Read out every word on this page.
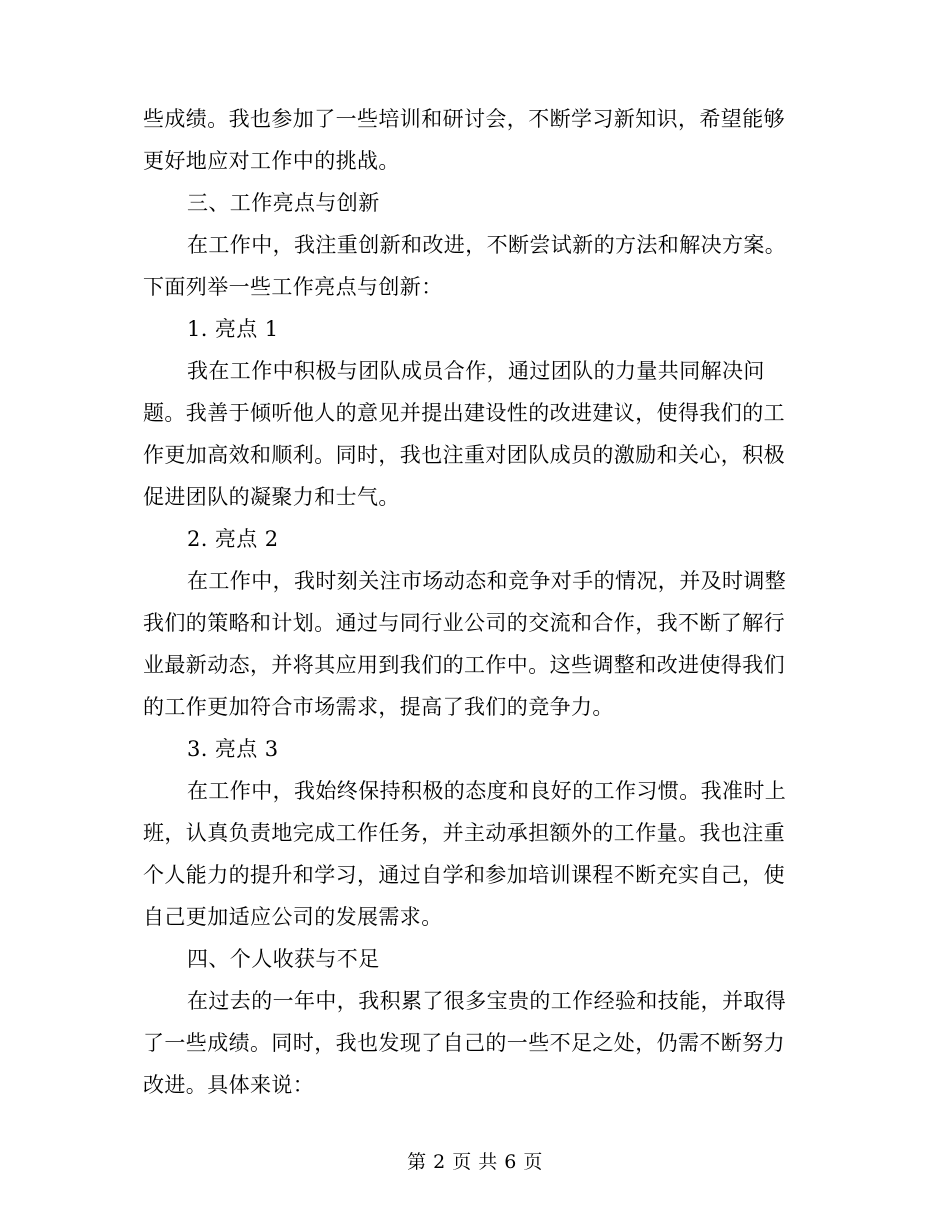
些成绩。我也参加了一些培训和研讨会，不断学习新知识，希望能够
更好地应对工作中的挑战。
三、工作亮点与创新
在工作中，我注重创新和改进，不断尝试新的方法和解决方案。
下面列举一些工作亮点与创新：
1. 亮点 1
我在工作中积极与团队成员合作，通过团队的力量共同解决问
题。我善于倾听他人的意见并提出建设性的改进建议，使得我们的工
作更加高效和顺利。同时，我也注重对团队成员的激励和关心，积极
促进团队的凝聚力和士气。
2. 亮点 2
在工作中，我时刻关注市场动态和竞争对手的情况，并及时调整
我们的策略和计划。通过与同行业公司的交流和合作，我不断了解行
业最新动态，并将其应用到我们的工作中。这些调整和改进使得我们
的工作更加符合市场需求，提高了我们的竞争力。
3. 亮点 3
在工作中，我始终保持积极的态度和良好的工作习惯。我准时上
班，认真负责地完成工作任务，并主动承担额外的工作量。我也注重
个人能力的提升和学习，通过自学和参加培训课程不断充实自己，使
自己更加适应公司的发展需求。
四、个人收获与不足
在过去的一年中，我积累了很多宝贵的工作经验和技能，并取得
了一些成绩。同时，我也发现了自己的一些不足之处，仍需不断努力
改进。具体来说：
第 2 页 共 6 页
